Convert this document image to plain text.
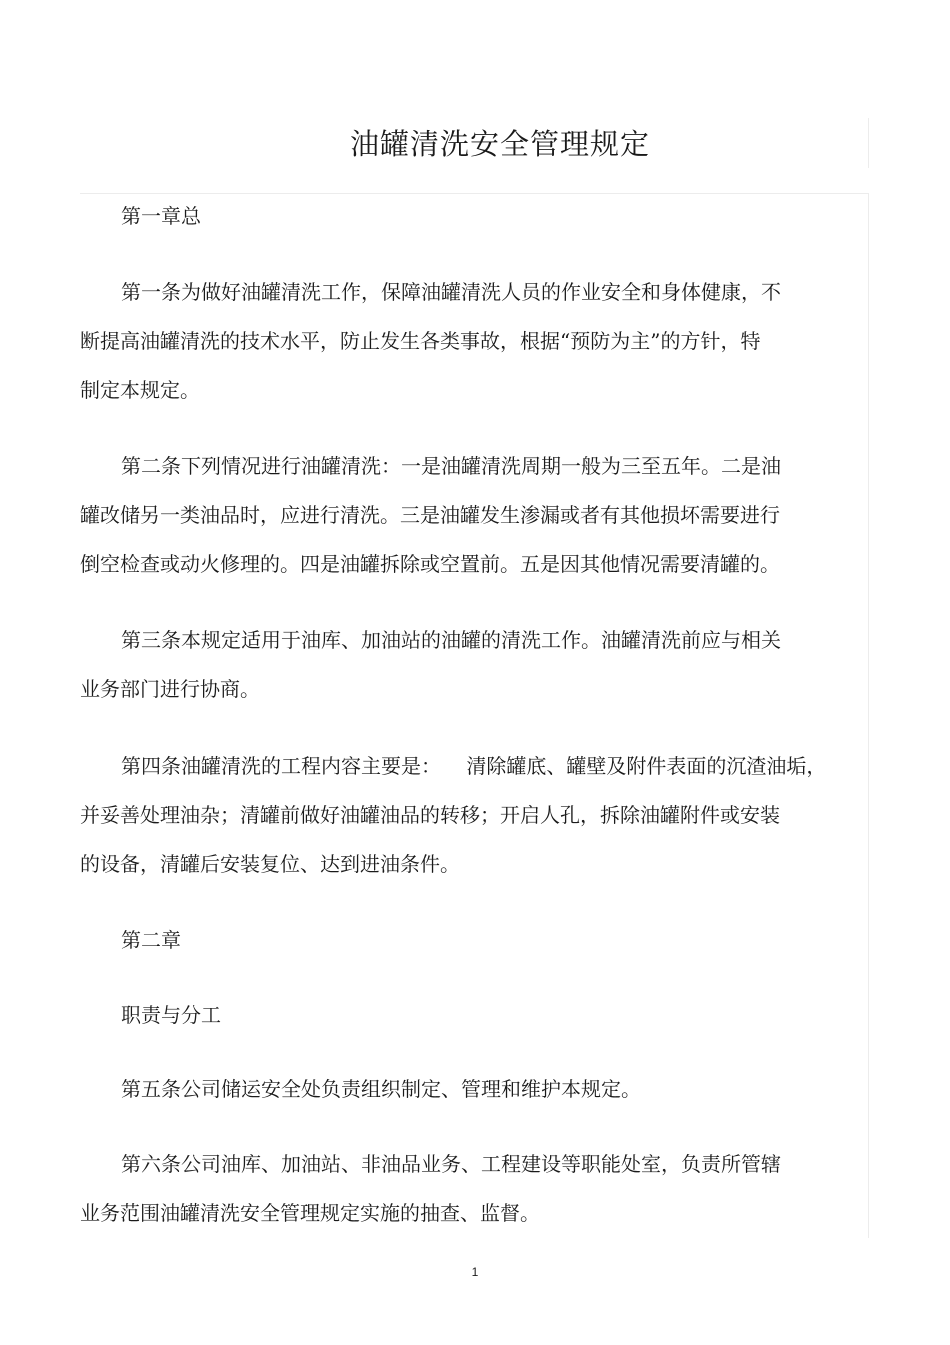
油罐清洗安全管理规定

第一章总

第一条为做好油罐清洗工作，保障油罐清洗人员的作业安全和身体健康，不
断提高油罐清洗的技术水平，防止发生各类事故，根据“预防为主”的方针，特
制定本规定。

第二条下列情况进行油罐清洗：一是油罐清洗周期一般为三至五年。二是油
罐改储另一类油品时，应进行清洗。三是油罐发生渗漏或者有其他损坏需要进行
倒空检查或动火修理的。四是油罐拆除或空置前。五是因其他情况需要清罐的。

第三条本规定适用于油库、加油站的油罐的清洗工作。油罐清洗前应与相关
业务部门进行协商。

第四条油罐清洗的工程内容主要是：    清除罐底、罐壁及附件表面的沉渣油垢，
并妥善处理油杂；清罐前做好油罐油品的转移；开启人孔，拆除油罐附件或安装
的设备，清罐后安装复位、达到进油条件。

第二章

职责与分工

第五条公司储运安全处负责组织制定、管理和维护本规定。

第六条公司油库、加油站、非油品业务、工程建设等职能处室，负责所管辖
业务范围油罐清洗安全管理规定实施的抽查、监督。

1
